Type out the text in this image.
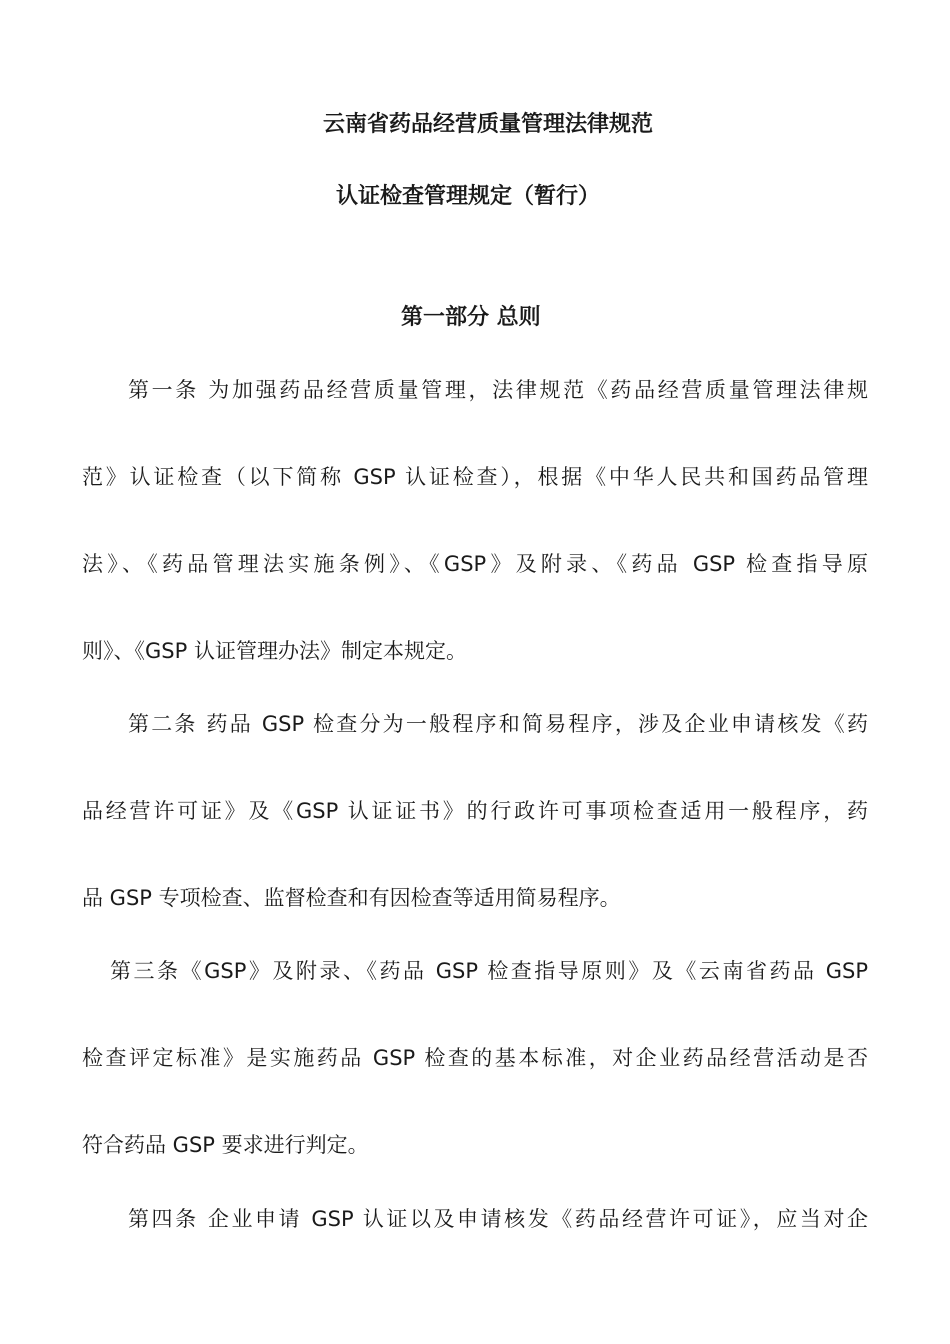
云南省药品经营质量管理法律规范
认证检查管理规定（暂行）
第一部分 总则
第一条 为加强药品经营质量管理，法律规范《药品经营质量管理法律规
范》认证检查（以下简称 GSP 认证检查），根据《中华人民共和国药品管理
法》、《药品管理法实施条例》、《GSP》及附录、《药品 GSP 检查指导原
则》、《GSP 认证管理办法》制定本规定。
第二条 药品 GSP 检查分为一般程序和简易程序，涉及企业申请核发《药
品经营许可证》及《GSP 认证证书》的行政许可事项检查适用一般程序，药
品 GSP 专项检查、监督检查和有因检查等适用简易程序。
第三条《GSP》及附录、《药品 GSP 检查指导原则》及《云南省药品 GSP
检查评定标准》是实施药品 GSP 检查的基本标准，对企业药品经营活动是否
符合药品 GSP 要求进行判定。
第四条 企业申请 GSP 认证以及申请核发《药品经营许可证》，应当对企
